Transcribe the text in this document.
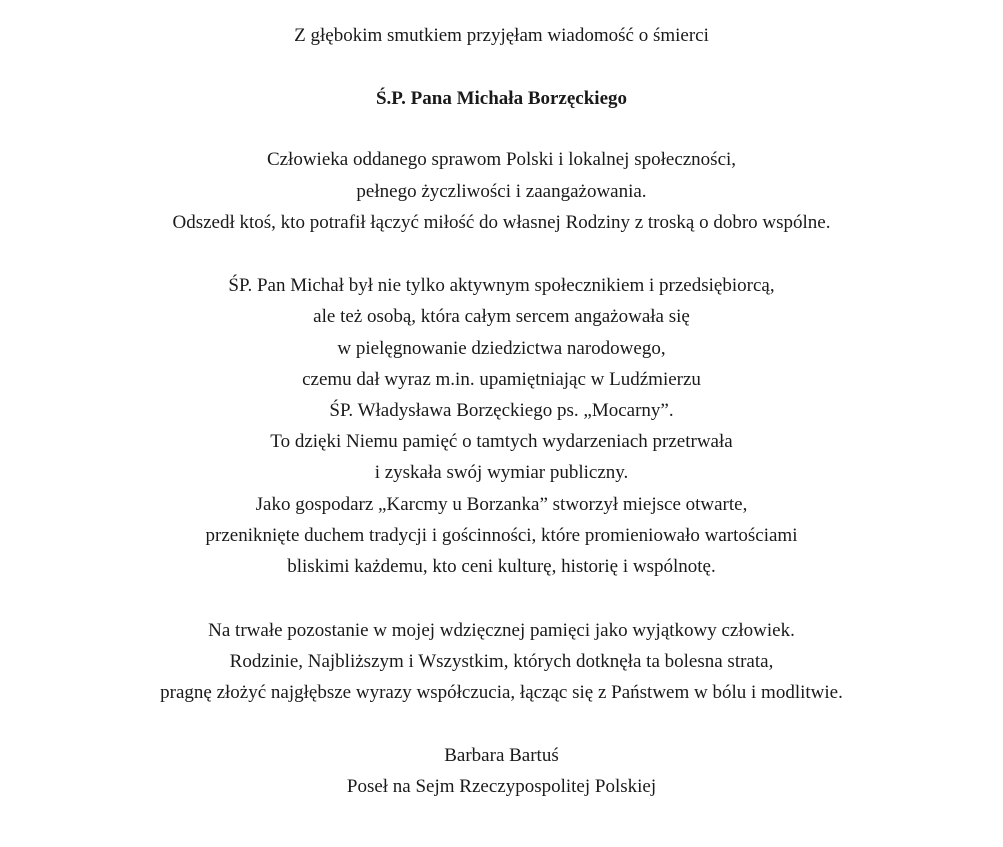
Z głębokim smutkiem przyjęłam wiadomość o śmierci
Ś.P. Pana Michała Borzęckiego
Człowieka oddanego sprawom Polski i lokalnej społeczności,
pełnego życzliwości i zaangażowania.
Odszedł ktoś, kto potrafił łączyć miłość do własnej Rodziny z troską o dobro wspólne.
ŚP. Pan Michał był nie tylko aktywnym społecznikiem i przedsiębiorcą,
ale też osobą, która całym sercem angażowała się
w pielęgnowanie dziedzictwa narodowego,
czemu dał wyraz m.in. upamiętniając w Ludźmierzu
ŚP. Władysława Borzęckiego ps. „Mocarny”.
To dzięki Niemu pamięć o tamtych wydarzeniach przetrwała
i zyskała swój wymiar publiczny.
Jako gospodarz „Karcmy u Borzanka” stworzył miejsce otwarte,
przeniknięte duchem tradycji i gościnności, które promieniowało wartościami
bliskimi każdemu, kto ceni kulturę, historię i wspólnotę.
Na trwałe pozostanie w mojej wdzięcznej pamięci jako wyjątkowy człowiek.
Rodzinie, Najbliższym i Wszystkim, których dotknęła ta bolesna strata,
pragnę złożyć najgłębsze wyrazy współczucia, łącząc się z Państwem w bólu i modlitwie.
Barbara Bartuś
Poseł na Sejm Rzeczypospolitej Polskiej
